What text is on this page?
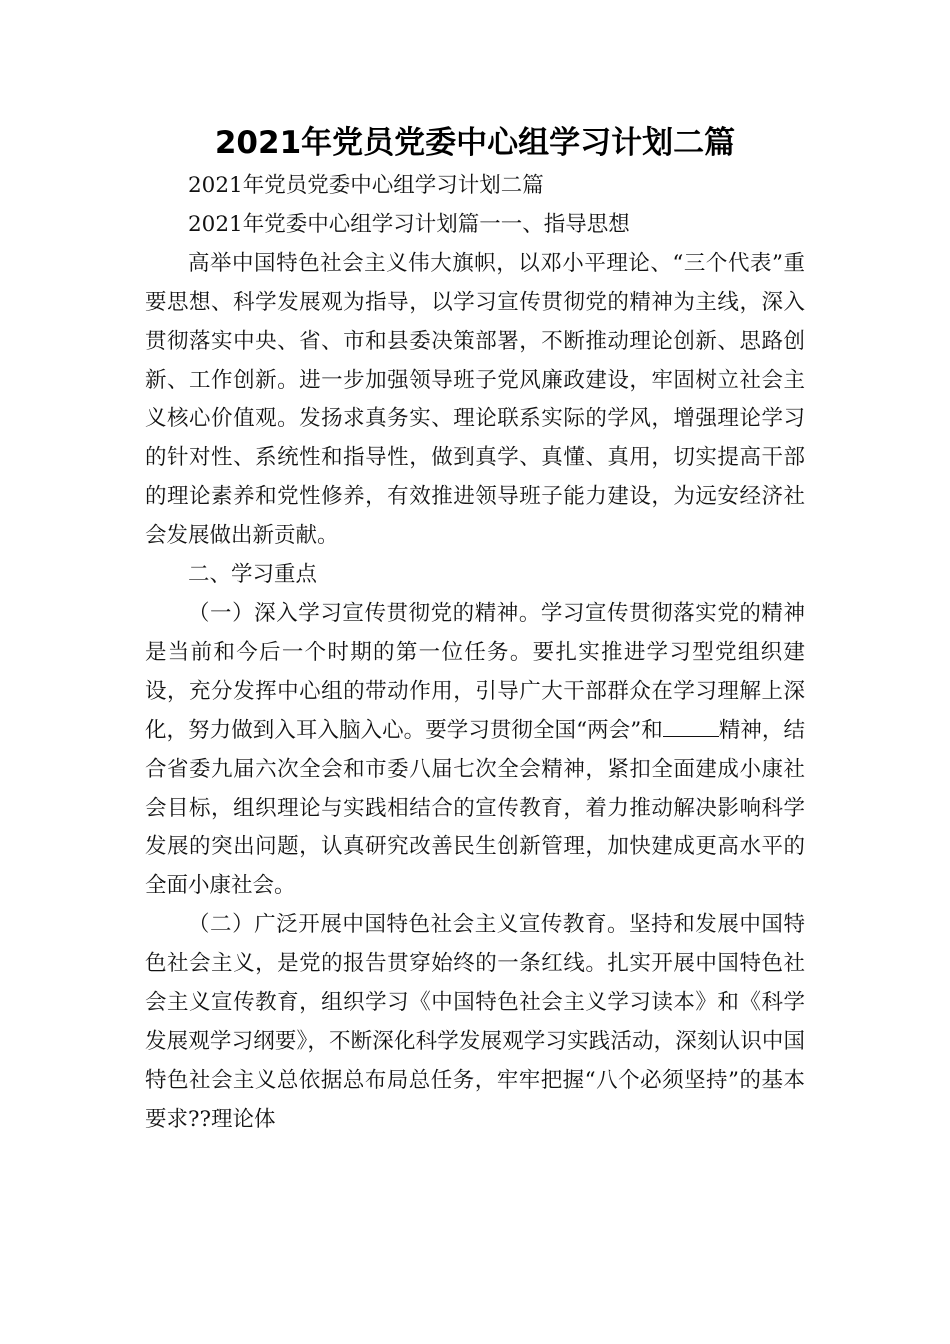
2021年党员党委中心组学习计划二篇

2021年党员党委中心组学习计划二篇

2021年党委中心组学习计划篇一一、指导思想

高举中国特色社会主义伟大旗帜，以邓小平理论、“三个代表”重要思想、科学发展观为指导，以学习宣传贯彻党的精神为主线，深入贯彻落实中央、省、市和县委决策部署，不断推动理论创新、思路创新、工作创新。进一步加强领导班子党风廉政建设，牢固树立社会主义核心价值观。发扬求真务实、理论联系实际的学风，增强理论学习的针对性、系统性和指导性，做到真学、真懂、真用，切实提高干部的理论素养和党性修养，有效推进领导班子能力建设，为远安经济社会发展做出新贡献。

二、学习重点

（一）深入学习宣传贯彻党的精神。学习宣传贯彻落实党的精神是当前和今后一个时期的第一位任务。要扎实推进学习型党组织建设，充分发挥中心组的带动作用，引导广大干部群众在学习理解上深化，努力做到入耳入脑入心。要学习贯彻全国“两会”和	精神，结合省委九届六次全会和市委八届七次全会精神，紧扣全面建成小康社会目标，组织理论与实践相结合的宣传教育，着力推动解决影响科学发展的突出问题，认真研究改善民生创新管理，加快建成更高水平的全面小康社会。

（二）广泛开展中国特色社会主义宣传教育。坚持和发展中国特色社会主义，是党的报告贯穿始终的一条红线。扎实开展中国特色社会主义宣传教育，组织学习《中国特色社会主义学习读本》和《科学发展观学习纲要》，不断深化科学发展观学习实践活动，深刻认识中国特色社会主义总依据总布局总任务，牢牢把握“八个必须坚持”的基本要求??理论体
